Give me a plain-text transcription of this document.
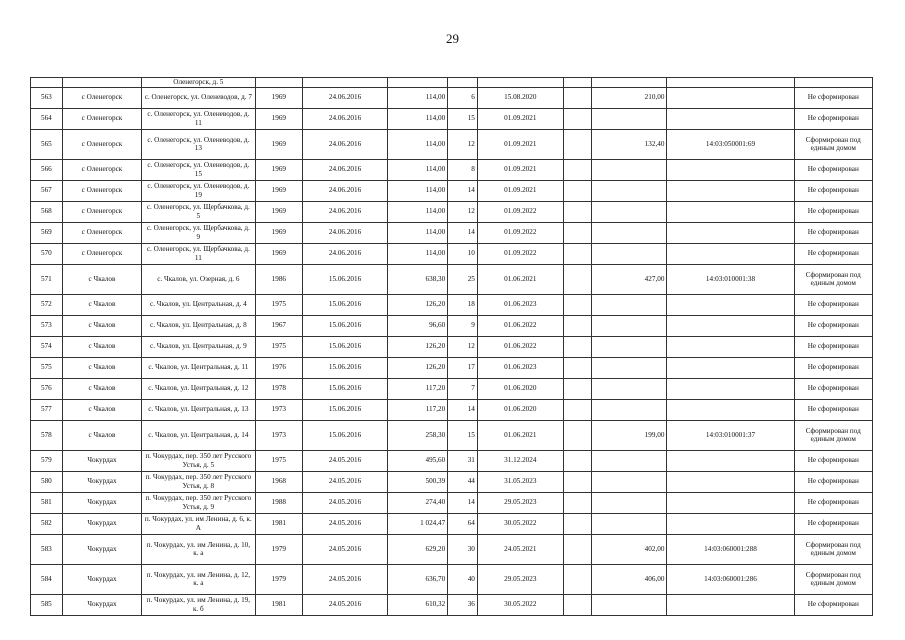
29
		Оленегорск, д. 5										
563	с Оленегорск	с. Оленегорск, ул. Оленеводов, д. 7	1969	24.06.2016	114,00	6	15.08.2020		210,00			Не сформирован
564	с Оленегорск	с. Оленегорск, ул. Оленеводов, д. 11	1969	24.06.2016	114,00	15	01.09.2021					Не сформирован
565	с Оленегорск	с. Оленегорск, ул. Оленеводов, д. 13	1969	24.06.2016	114,00	12	01.09.2021		132,40	14:03:050001:69		Сформирован под единым домом
566	с Оленегорск	с. Оленегорск, ул. Оленеводов, д. 15	1969	24.06.2016	114,00	8	01.09.2021					Не сформирован
567	с Оленегорск	с. Оленегорск, ул. Оленеводов, д. 19	1969	24.06.2016	114,00	14	01.09.2021					Не сформирован
568	с Оленегорск	с. Оленегорск, ул. Щербачкова, д. 5	1969	24.06.2016	114,00	12	01.09.2022					Не сформирован
569	с Оленегорск	с. Оленегорск, ул. Щербачкова, д. 9	1969	24.06.2016	114,00	14	01.09.2022					Не сформирован
570	с Оленегорск	с. Оленегорск, ул. Щербачкова, д. 11	1969	24.06.2016	114,00	10	01.09.2022					Не сформирован
571	с Чкалов	с. Чкалов, ул. Озерная, д. 6	1986	15.06.2016	638,30	25	01.06.2021		427,00	14:03:010001:38		Сформирован под единым домом
572	с Чкалов	с. Чкалов, ул. Центральная, д. 4	1975	15.06.2016	126,20	18	01.06.2023					Не сформирован
573	с Чкалов	с. Чкалов, ул. Центральная, д. 8	1967	15.06.2016	96,60	9	01.06.2022					Не сформирован
574	с Чкалов	с. Чкалов, ул. Центральная, д. 9	1975	15.06.2016	126,20	12	01.06.2022					Не сформирован
575	с Чкалов	с. Чкалов, ул. Центральная, д. 11	1976	15.06.2016	126,20	17	01.06.2023					Не сформирован
576	с Чкалов	с. Чкалов, ул. Центральная, д. 12	1978	15.06.2016	117,20	7	01.06.2020					Не сформирован
577	с Чкалов	с. Чкалов, ул. Центральная, д. 13	1973	15.06.2016	117,20	14	01.06.2020					Не сформирован
578	с Чкалов	с. Чкалов, ул. Центральная, д. 14	1973	15.06.2016	258,30	15	01.06.2021		199,00	14:03:010001:37		Сформирован под единым домом
579	Чокурдах	п. Чокурдах, пер. 350 лет Русского Устья, д. 5	1975	24.05.2016	495,60	31	31.12.2024					Не сформирован
580	Чокурдах	п. Чокурдах, пер. 350 лет Русского Устья, д. 8	1968	24.05.2016	500,39	44	31.05.2023					Не сформирован
581	Чокурдах	п. Чокурдах, пер. 350 лет Русского Устья, д. 9	1988	24.05.2016	274,40	14	29.05.2023					Не сформирован
582	Чокурдах	п. Чокурдах, ул. им Ленина, д. 6, к. А	1981	24.05.2016	1 024,47	64	30.05.2022					Не сформирован
583	Чокурдах	п. Чокурдах, ул. им Ленина, д. 10, к. а	1979	24.05.2016	629,20	30	24.05.2021		402,00	14:03:060001:288		Сформирован под единым домом
584	Чокурдах	п. Чокурдах, ул. им Ленина, д. 12, к. а	1979	24.05.2016	636,70	40	29.05.2023		406,00	14:03:060001:286		Сформирован под единым домом
585	Чокурдах	п. Чокурдах, ул. им Ленина, д. 19, к. б	1981	24.05.2016	610,32	36	30.05.2022					Не сформирован
